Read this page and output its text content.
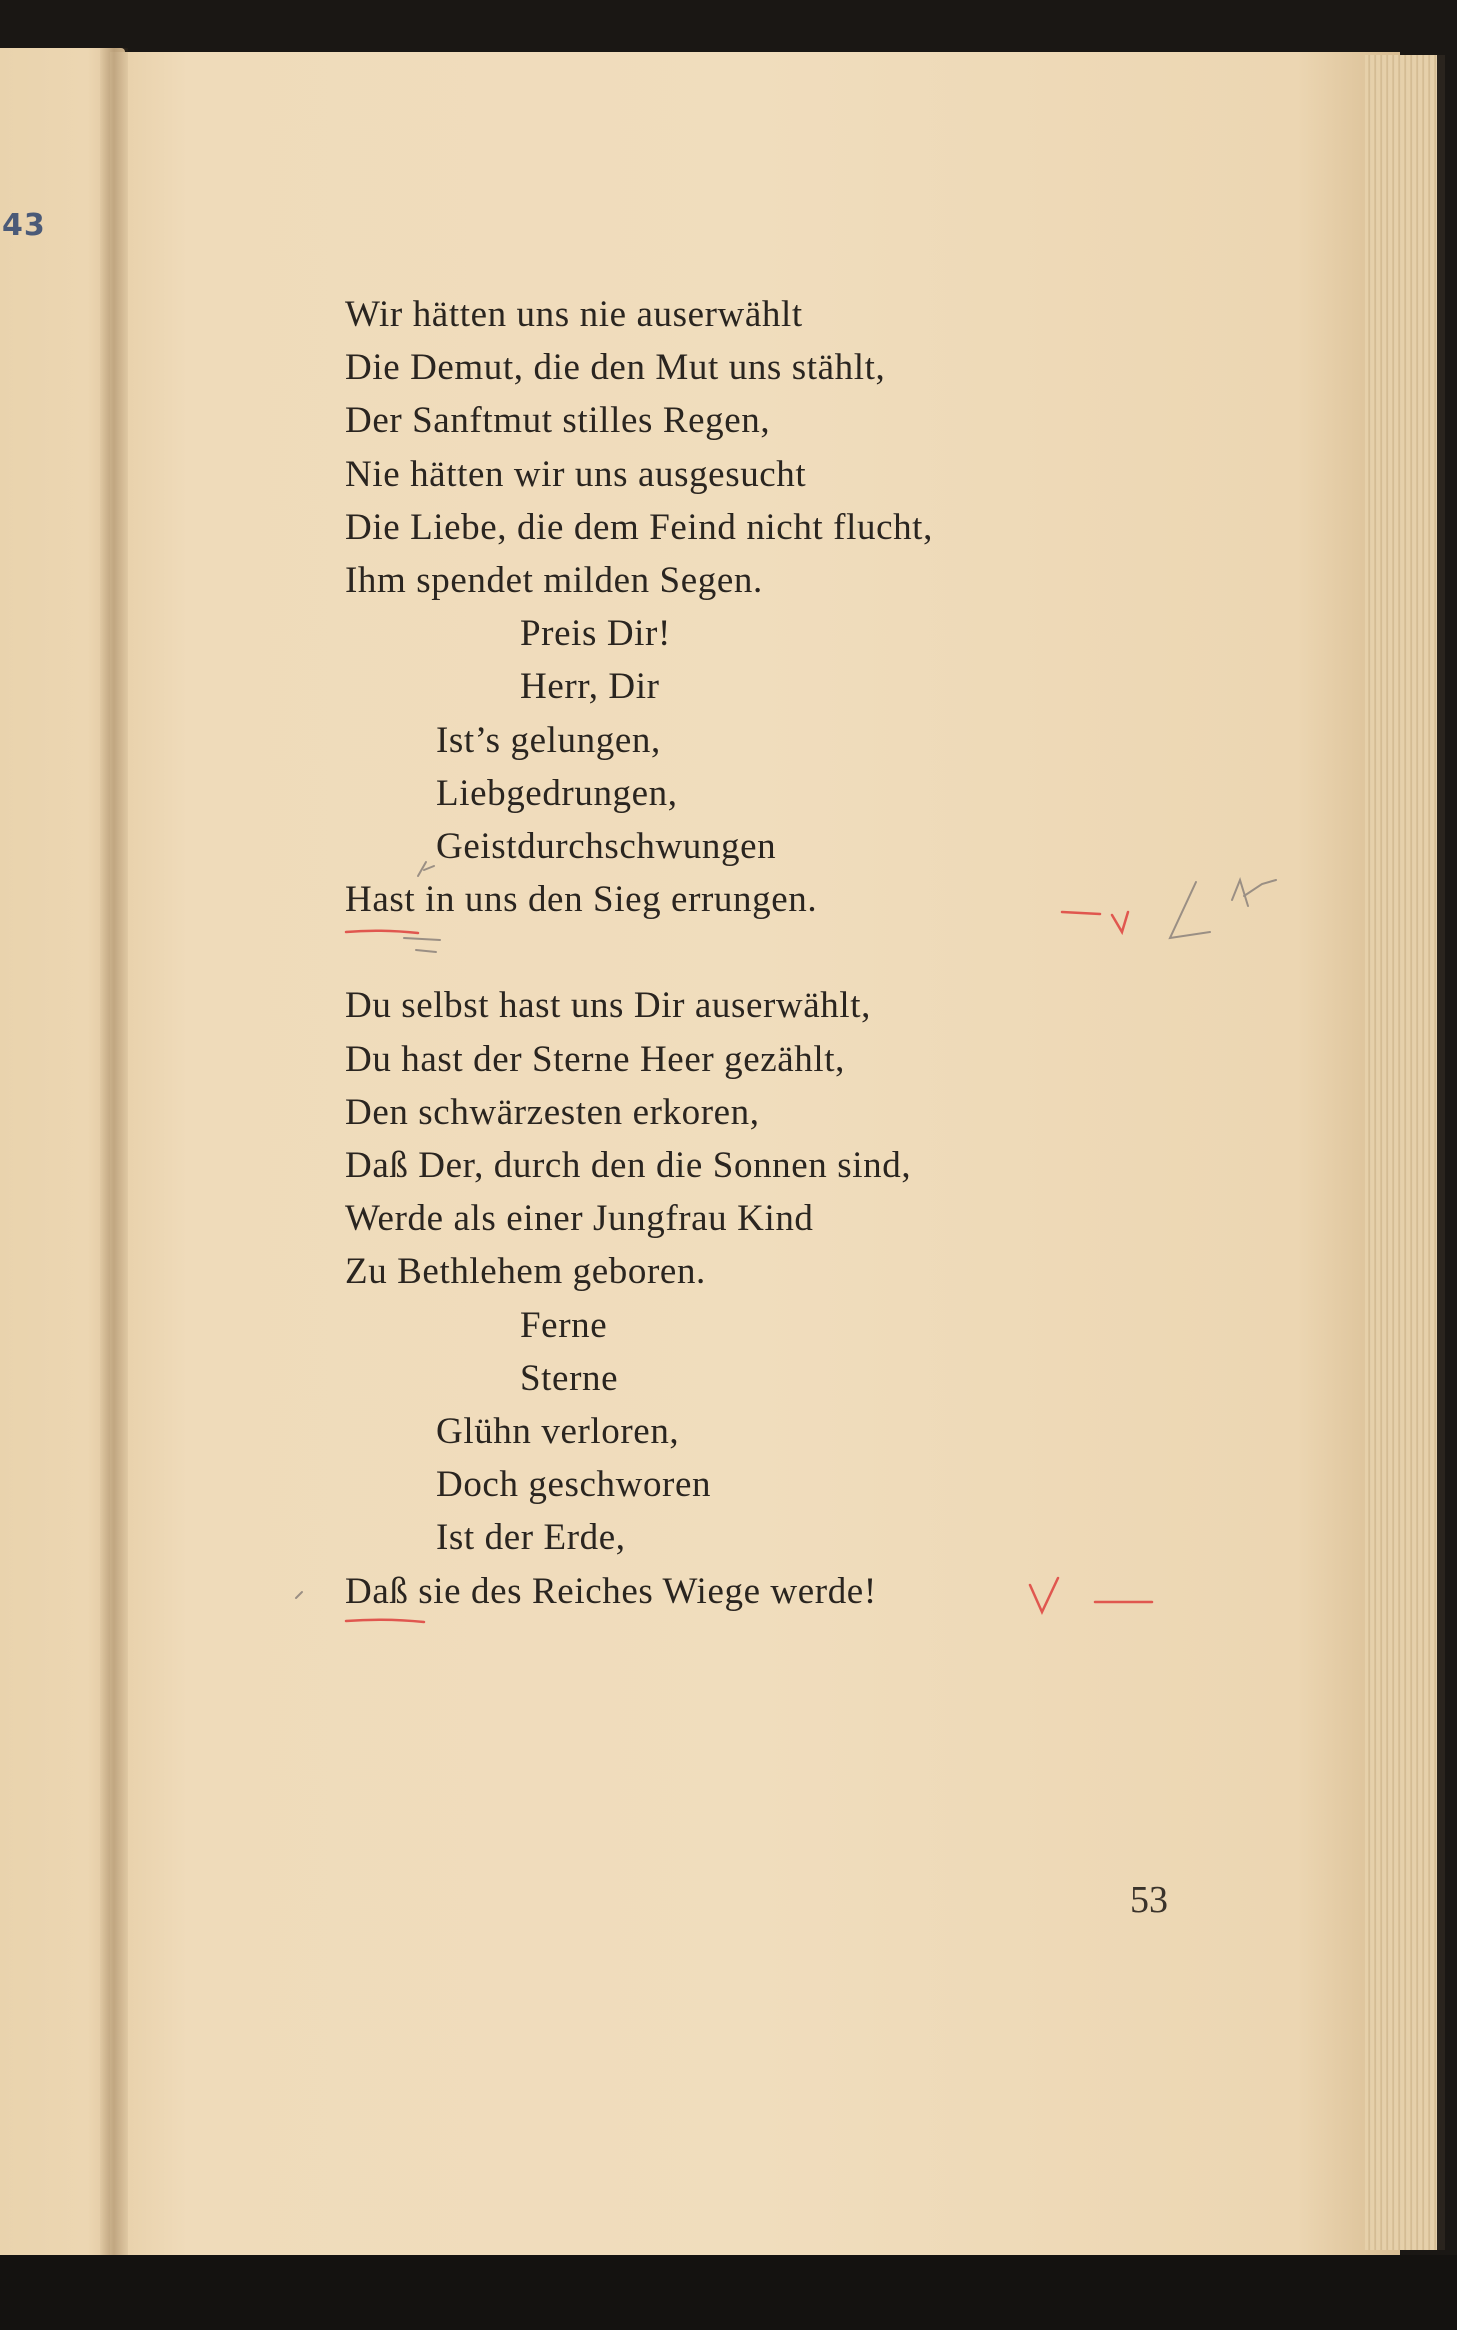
43
Wir hätten uns nie auserwählt
Die Demut, die den Mut uns stählt,
Der Sanftmut stilles Regen,
Nie hätten wir uns ausgesucht
Die Liebe, die dem Feind nicht flucht,
Ihm spendet milden Segen.
Preis Dir!
Herr, Dir
Ist’s gelungen,
Liebgedrungen,
Geistdurchschwungen
Hast in uns den Sieg errungen.
Du selbst hast uns Dir auserwählt,
Du hast der Sterne Heer gezählt,
Den schwärzesten erkoren,
Daß Der, durch den die Sonnen sind,
Werde als einer Jungfrau Kind
Zu Bethlehem geboren.
Ferne
Sterne
Glühn verloren,
Doch geschworen
Ist der Erde,
Daß sie des Reiches Wiege werde!
53
